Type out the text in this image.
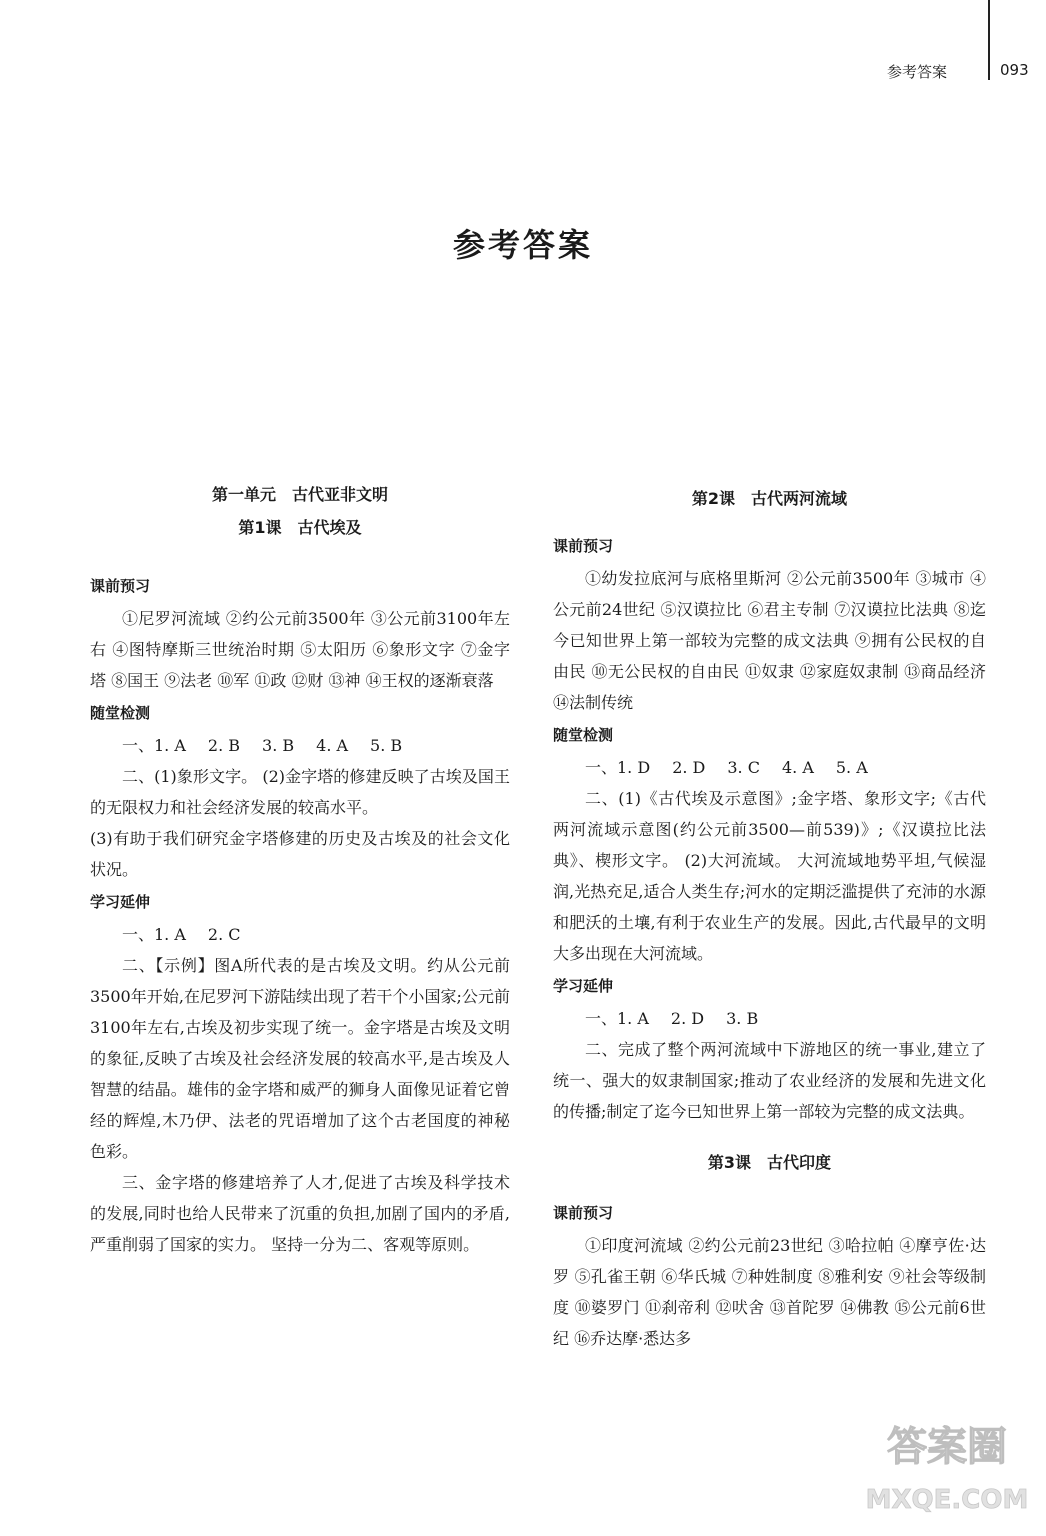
参考答案	093
参考答案
第一单元　古代亚非文明
第1课　古代埃及
课前预习

①尼罗河流域 ②约公元前3500年 ③公元前3100年左右 ④图特摩斯三世统治时期 ⑤太阳历 ⑥象形文字 ⑦金字塔 ⑧国王 ⑨法老 ⑩军 ⑪政 ⑫财 ⑬神 ⑭王权的逐渐衰落

随堂检测

一、1. A 2. B 3. B 4. A 5. B

二、(1)象形文字。 (2)金字塔的修建反映了古埃及国王的无限权力和社会经济发展的较高水平。

(3)有助于我们研究金字塔修建的历史及古埃及的社会文化状况。

学习延伸

一、1. A 2. C

二、【示例】图A所代表的是古埃及文明。约从公元前3500年开始,在尼罗河下游陆续出现了若干个小国家;公元前3100年左右,古埃及初步实现了统一。金字塔是古埃及文明的象征,反映了古埃及社会经济发展的较高水平,是古埃及人智慧的结晶。雄伟的金字塔和威严的狮身人面像见证着它曾经的辉煌,木乃伊、法老的咒语增加了这个古老国度的神秘色彩。

三、金字塔的修建培养了人才,促进了古埃及科学技术的发展,同时也给人民带来了沉重的负担,加剧了国内的矛盾,严重削弱了国家的实力。 坚持一分为二、客观等原则。

第2课　古代两河流域
课前预习

①幼发拉底河与底格里斯河 ②公元前3500年 ③城市 ④公元前24世纪 ⑤汉谟拉比 ⑥君主专制 ⑦汉谟拉比法典 ⑧迄今已知世界上第一部较为完整的成文法典 ⑨拥有公民权的自由民 ⑩无公民权的自由民 ⑪奴隶 ⑫家庭奴隶制 ⑬商品经济 ⑭法制传统

随堂检测

一、1. D 2. D 3. C 4. A 5. A

二、(1)《古代埃及示意图》;金字塔、象形文字;《古代两河流域示意图(约公元前3500—前539)》;《汉谟拉比法典》、楔形文字。 (2)大河流域。 大河流域地势平坦,气候湿润,光热充足,适合人类生存;河水的定期泛滥提供了充沛的水源和肥沃的土壤,有利于农业生产的发展。因此,古代最早的文明大多出现在大河流域。

学习延伸

一、1. A 2. D 3. B

二、完成了整个两河流域中下游地区的统一事业,建立了统一、强大的奴隶制国家;推动了农业经济的发展和先进文化的传播;制定了迄今已知世界上第一部较为完整的成文法典。

第3课　古代印度
课前预习

①印度河流域 ②约公元前23世纪 ③哈拉帕 ④摩亨佐·达罗 ⑤孔雀王朝 ⑥华氏城 ⑦种姓制度 ⑧雅利安 ⑨社会等级制度 ⑩婆罗门 ⑪刹帝利 ⑫吠舍 ⑬首陀罗 ⑭佛教 ⑮公元前6世纪 ⑯乔达摩·悉达多

答案圈
MXQE.COM
